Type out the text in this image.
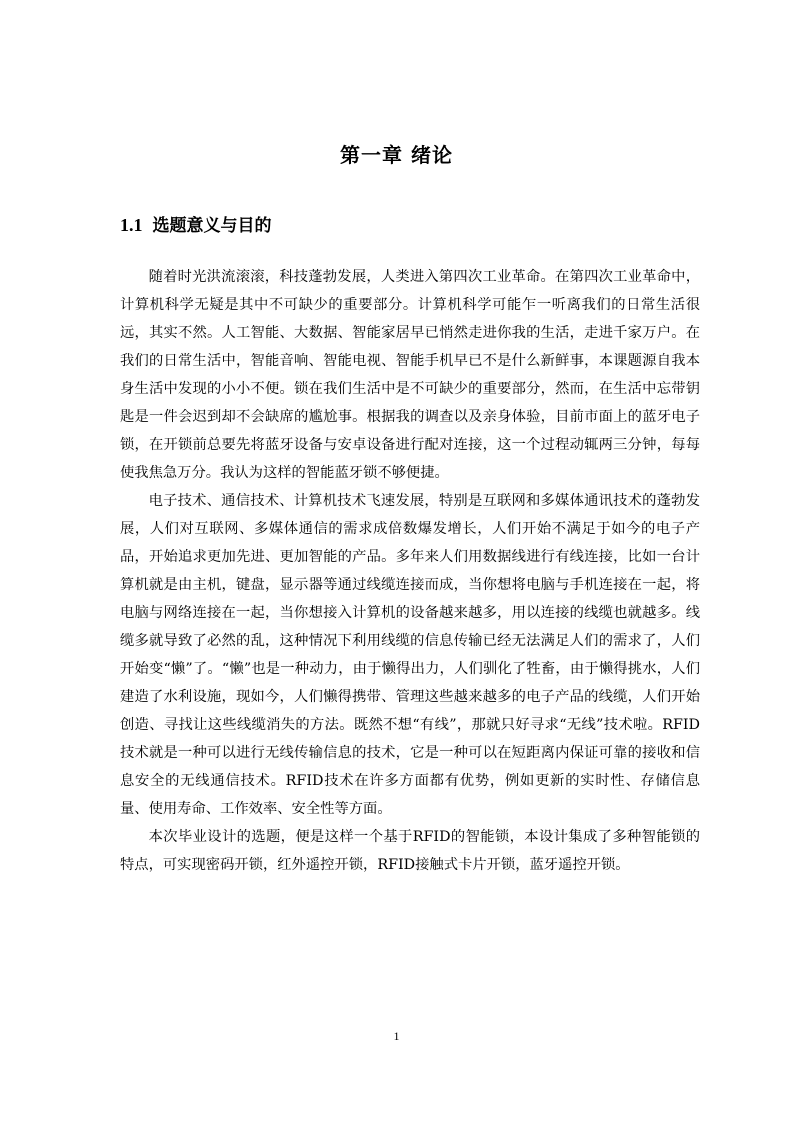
第一章 绪论
1.1 选题意义与目的

随着时光洪流滚滚，科技蓬勃发展，人类进入第四次工业革命。在第四次工业革命中，计算机科学无疑是其中不可缺少的重要部分。计算机科学可能乍一听离我们的日常生活很远，其实不然。人工智能、大数据、智能家居早已悄然走进你我的生活，走进千家万户。在我们的日常生活中，智能音响、智能电视、智能手机早已不是什么新鲜事，本课题源自我本身生活中发现的小小不便。锁在我们生活中是不可缺少的重要部分，然而，在生活中忘带钥匙是一件会迟到却不会缺席的尴尬事。根据我的调查以及亲身体验，目前市面上的蓝牙电子锁，在开锁前总要先将蓝牙设备与安卓设备进行配对连接，这一个过程动辄两三分钟，每每使我焦急万分。我认为这样的智能蓝牙锁不够便捷。

电子技术、通信技术、计算机技术飞速发展，特别是互联网和多媒体通讯技术的蓬勃发展，人们对互联网、多媒体通信的需求成倍数爆发增长，人们开始不满足于如今的电子产品，开始追求更加先进、更加智能的产品。多年来人们用数据线进行有线连接，比如一台计算机就是由主机，键盘，显示器等通过线缆连接而成，当你想将电脑与手机连接在一起，将电脑与网络连接在一起，当你想接入计算机的设备越来越多，用以连接的线缆也就越多。线缆多就导致了必然的乱，这种情况下利用线缆的信息传输已经无法满足人们的需求了，人们开始变“懒”了。“懒”也是一种动力，由于懒得出力，人们驯化了牲畜，由于懒得挑水，人们建造了水利设施，现如今，人们懒得携带、管理这些越来越多的电子产品的线缆，人们开始创造、寻找让这些线缆消失的方法。既然不想“有线”，那就只好寻求“无线”技术啦。RFID技术就是一种可以进行无线传输信息的技术，它是一种可以在短距离内保证可靠的接收和信息安全的无线通信技术。RFID技术在许多方面都有优势，例如更新的实时性、存储信息量、使用寿命、工作效率、安全性等方面。

本次毕业设计的选题，便是这样一个基于RFID的智能锁，本设计集成了多种智能锁的特点，可实现密码开锁，红外遥控开锁，RFID接触式卡片开锁，蓝牙遥控开锁。

1
